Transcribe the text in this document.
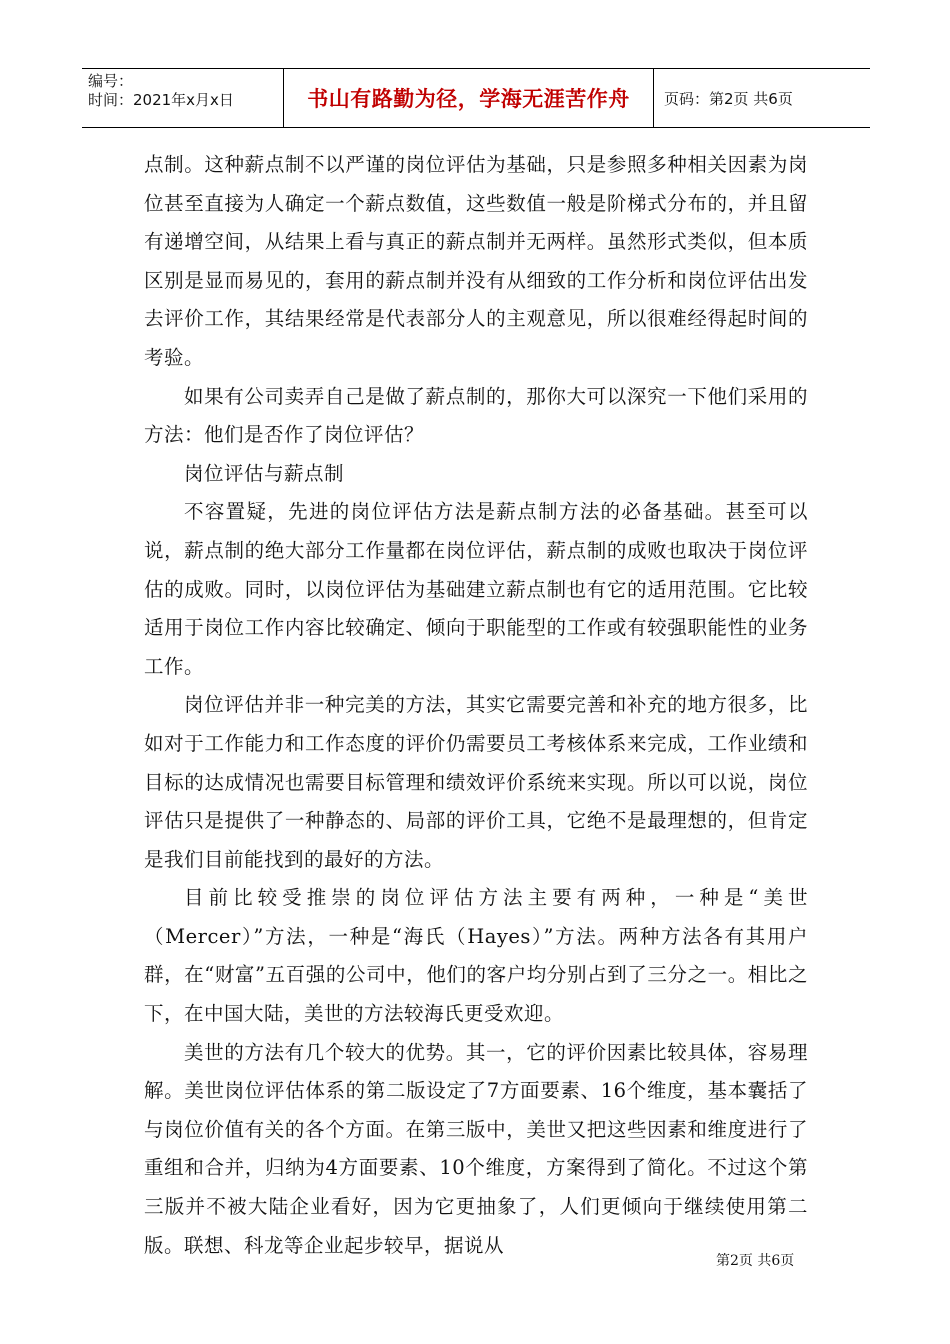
编号：
时间：2021年x月x日	书山有路勤为径，学海无涯苦作舟	页码：第2页 共6页

点制。这种薪点制不以严谨的岗位评估为基础，只是参照多种相关因素为岗位甚至直接为人确定一个薪点数值，这些数值一般是阶梯式分布的，并且留有递增空间，从结果上看与真正的薪点制并无两样。虽然形式类似，但本质区别是显而易见的，套用的薪点制并没有从细致的工作分析和岗位评估出发去评价工作，其结果经常是代表部分人的主观意见，所以很难经得起时间的考验。

如果有公司卖弄自己是做了薪点制的，那你大可以深究一下他们采用的方法：他们是否作了岗位评估？

岗位评估与薪点制

不容置疑，先进的岗位评估方法是薪点制方法的必备基础。甚至可以说，薪点制的绝大部分工作量都在岗位评估，薪点制的成败也取决于岗位评估的成败。同时，以岗位评估为基础建立薪点制也有它的适用范围。它比较适用于岗位工作内容比较确定、倾向于职能型的工作或有较强职能性的业务工作。

岗位评估并非一种完美的方法，其实它需要完善和补充的地方很多，比如对于工作能力和工作态度的评价仍需要员工考核体系来完成，工作业绩和目标的达成情况也需要目标管理和绩效评价系统来实现。所以可以说，岗位评估只是提供了一种静态的、局部的评价工具，它绝不是最理想的，但肯定是我们目前能找到的最好的方法。

目前比较受推崇的岗位评估方法主要有两种，一种是“美世（Mercer）”方法，一种是“海氏（Hayes）”方法。两种方法各有其用户群，在“财富”五百强的公司中，他们的客户均分别占到了三分之一。相比之下，在中国大陆，美世的方法较海氏更受欢迎。

美世的方法有几个较大的优势。其一，它的评价因素比较具体，容易理解。美世岗位评估体系的第二版设定了7方面要素、16个维度，基本囊括了与岗位价值有关的各个方面。在第三版中，美世又把这些因素和维度进行了重组和合并，归纳为4方面要素、10个维度，方案得到了简化。不过这个第三版并不被大陆企业看好，因为它更抽象了，人们更倾向于继续使用第二版。联想、科龙等企业起步较早，据说从

第2页 共6页
